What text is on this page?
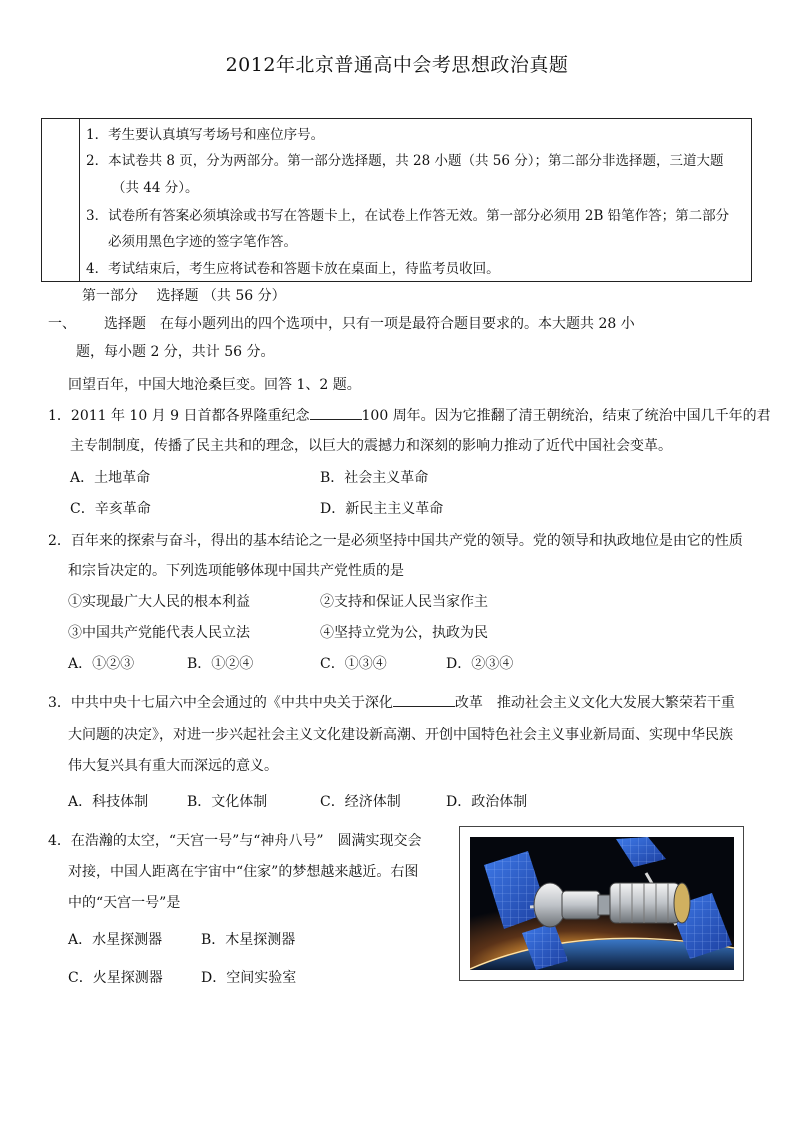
2012年北京普通高中会考思想政治真题
1．考生要认真填写考场号和座位序号。
2．本试卷共 8 页，分为两部分。第一部分选择题，共 28 小题（共 56 分）；第二部分非选择题，三道大题
（共 44 分）。
3．试卷所有答案必须填涂或书写在答题卡上，在试卷上作答无效。第一部分必须用 2B 铅笔作答；第二部分
必须用黑色字迹的签字笔作答。
4．考试结束后，考生应将试卷和答题卡放在桌面上，待监考员收回。
第一部分　 选择题 （共 56 分）
一、 选择题　在每小题列出的四个选项中，只有一项是最符合题目要求的。本大题共 28 小
题，每小题 2 分，共计 56 分。
回望百年，中国大地沧桑巨变。回答 1、2 题。
1．2011 年 10 月 9 日首都各界隆重纪念	100 周年。因为它推翻了清王朝统治，结束了统治中国几千年的君
主专制制度，传播了民主共和的理念，以巨大的震撼力和深刻的影响力推动了近代中国社会变革。
A．土地革命	B．社会主义革命
C．辛亥革命	D．新民主主义革命
2．百年来的探索与奋斗，得出的基本结论之一是必须坚持中国共产党的领导。党的领导和执政地位是由它的性质
和宗旨决定的。下列选项能够体现中国共产党性质的是
①实现最广大人民的根本利益	②支持和保证人民当家作主
③中国共产党能代表人民立法	④坚持立党为公，执政为民
A．①②③	B．①②④	C．①③④	D．②③④
3．中共中央十七届六中全会通过的《中共中央关于深化	改革　推动社会主义文化大发展大繁荣若干重
大问题的决定》，对进一步兴起社会主义文化建设新高潮、开创中国特色社会主义事业新局面、实现中华民族
伟大复兴具有重大而深远的意义。
A．科技体制	B．文化体制	C．经济体制	D．政治体制
4．在浩瀚的太空，“天宫一号”与“神舟八号”　圆满实现交会
对接，中国人距离在宇宙中“住家”的梦想越来越近。右图
中的“天宫一号”是
A．水星探测器	B．木星探测器
C．火星探测器	D．空间实验室
